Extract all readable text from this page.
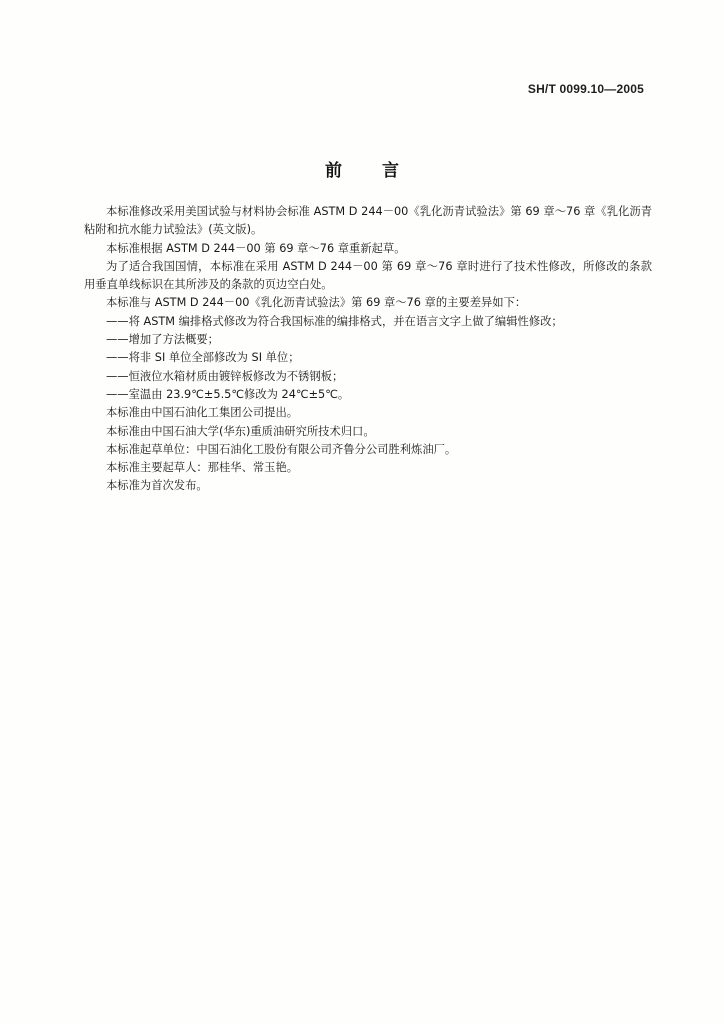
SH/T 0099.10—2005
前言

本标准修改采用美国试验与材料协会标准 ASTM D 244－00《乳化沥青试验法》第 69 章～76 章《乳化沥青粘附和抗水能力试验法》(英文版)。

本标准根据 ASTM D 244－00 第 69 章～76 章重新起草。

为了适合我国国情，本标准在采用 ASTM D 244－00 第 69 章～76 章时进行了技术性修改，所修改的条款用垂直单线标识在其所涉及的条款的页边空白处。

本标准与 ASTM D 244－00《乳化沥青试验法》第 69 章～76 章的主要差异如下：

——将 ASTM 编排格式修改为符合我国标准的编排格式，并在语言文字上做了编辑性修改；

——增加了方法概要；

——将非 SI 单位全部修改为 SI 单位；

——恒液位水箱材质由镀锌板修改为不锈钢板；

——室温由 23.9℃±5.5℃修改为 24℃±5℃。

本标准由中国石油化工集团公司提出。

本标准由中国石油大学(华东)重质油研究所技术归口。

本标准起草单位：中国石油化工股份有限公司齐鲁分公司胜利炼油厂。

本标准主要起草人：那桂华、常玉艳。

本标准为首次发布。
